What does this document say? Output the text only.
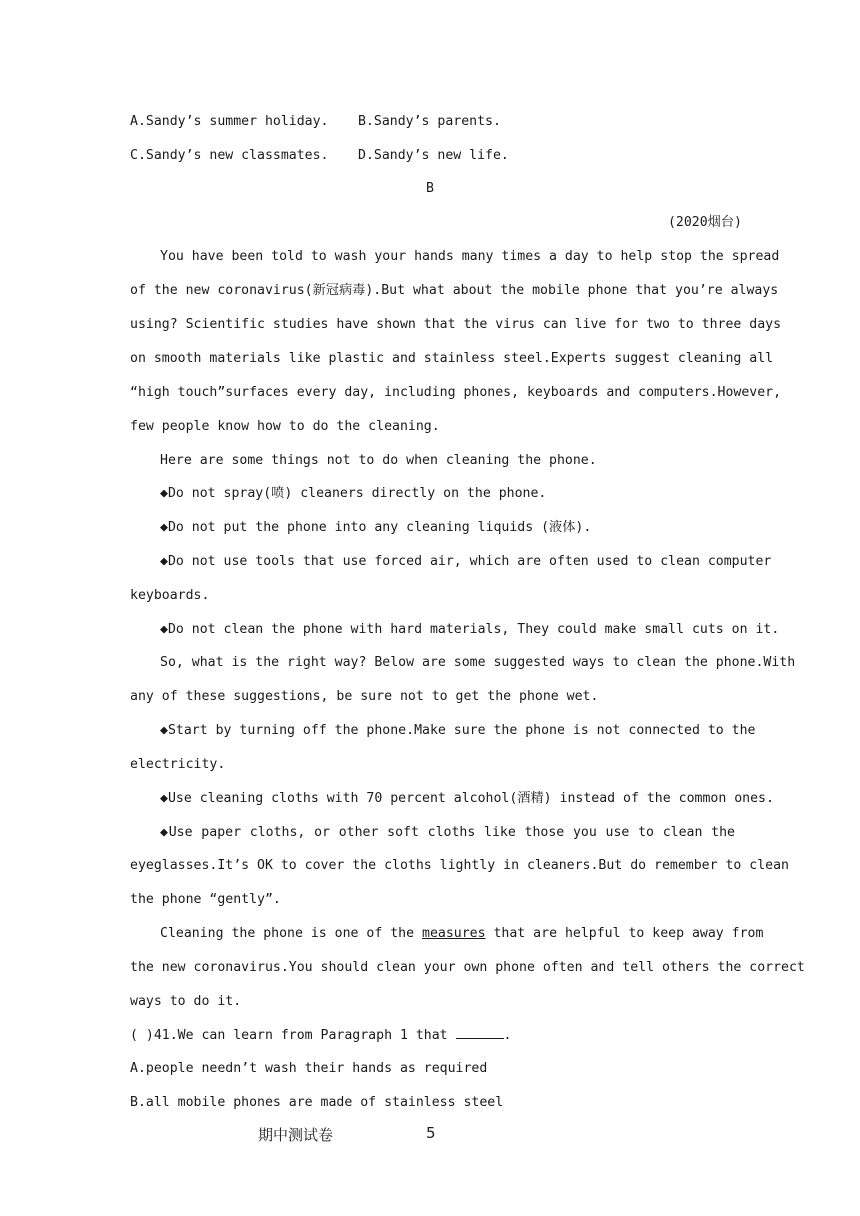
A.Sandy’s summer holiday. B.Sandy’s parents.
C.Sandy’s new classmates. D.Sandy’s new life.
B
(2020烟台)
You have been told to wash your hands many times a day to help stop the spread
of the new coronavirus(新冠病毒).But what about the mobile phone that you’re always
using? Scientific studies have shown that the virus can live for two to three days
on smooth materials like plastic and stainless steel.Experts suggest cleaning all
“high touch”surfaces every day, including phones, keyboards and computers.However,
few people know how to do the cleaning.
Here are some things not to do when cleaning the phone.
◆Do not spray(喷) cleaners directly on the phone.
◆Do not put the phone into any cleaning liquids (液体).
◆Do not use tools that use forced air, which are often used to clean computer
keyboards.
◆Do not clean the phone with hard materials, They could make small cuts on it.
So, what is the right way? Below are some suggested ways to clean the phone.With
any of these suggestions, be sure not to get the phone wet.
◆Start by turning off the phone.Make sure the phone is not connected to the
electricity.
◆Use cleaning cloths with 70 percent alcohol(酒精) instead of the common ones.
◆Use paper cloths, or other soft cloths like those you use to clean the
eyeglasses.It’s OK to cover the cloths lightly in cleaners.But do remember to clean
the phone “gently”.
Cleaning the phone is one of the measures that are helpful to keep away from
the new coronavirus.You should clean your own phone often and tell others the correct
ways to do it.
( )41.We can learn from Paragraph 1 that	.
A.people needn’t wash their hands as required
B.all mobile phones are made of stainless steel
期中测试卷	5
